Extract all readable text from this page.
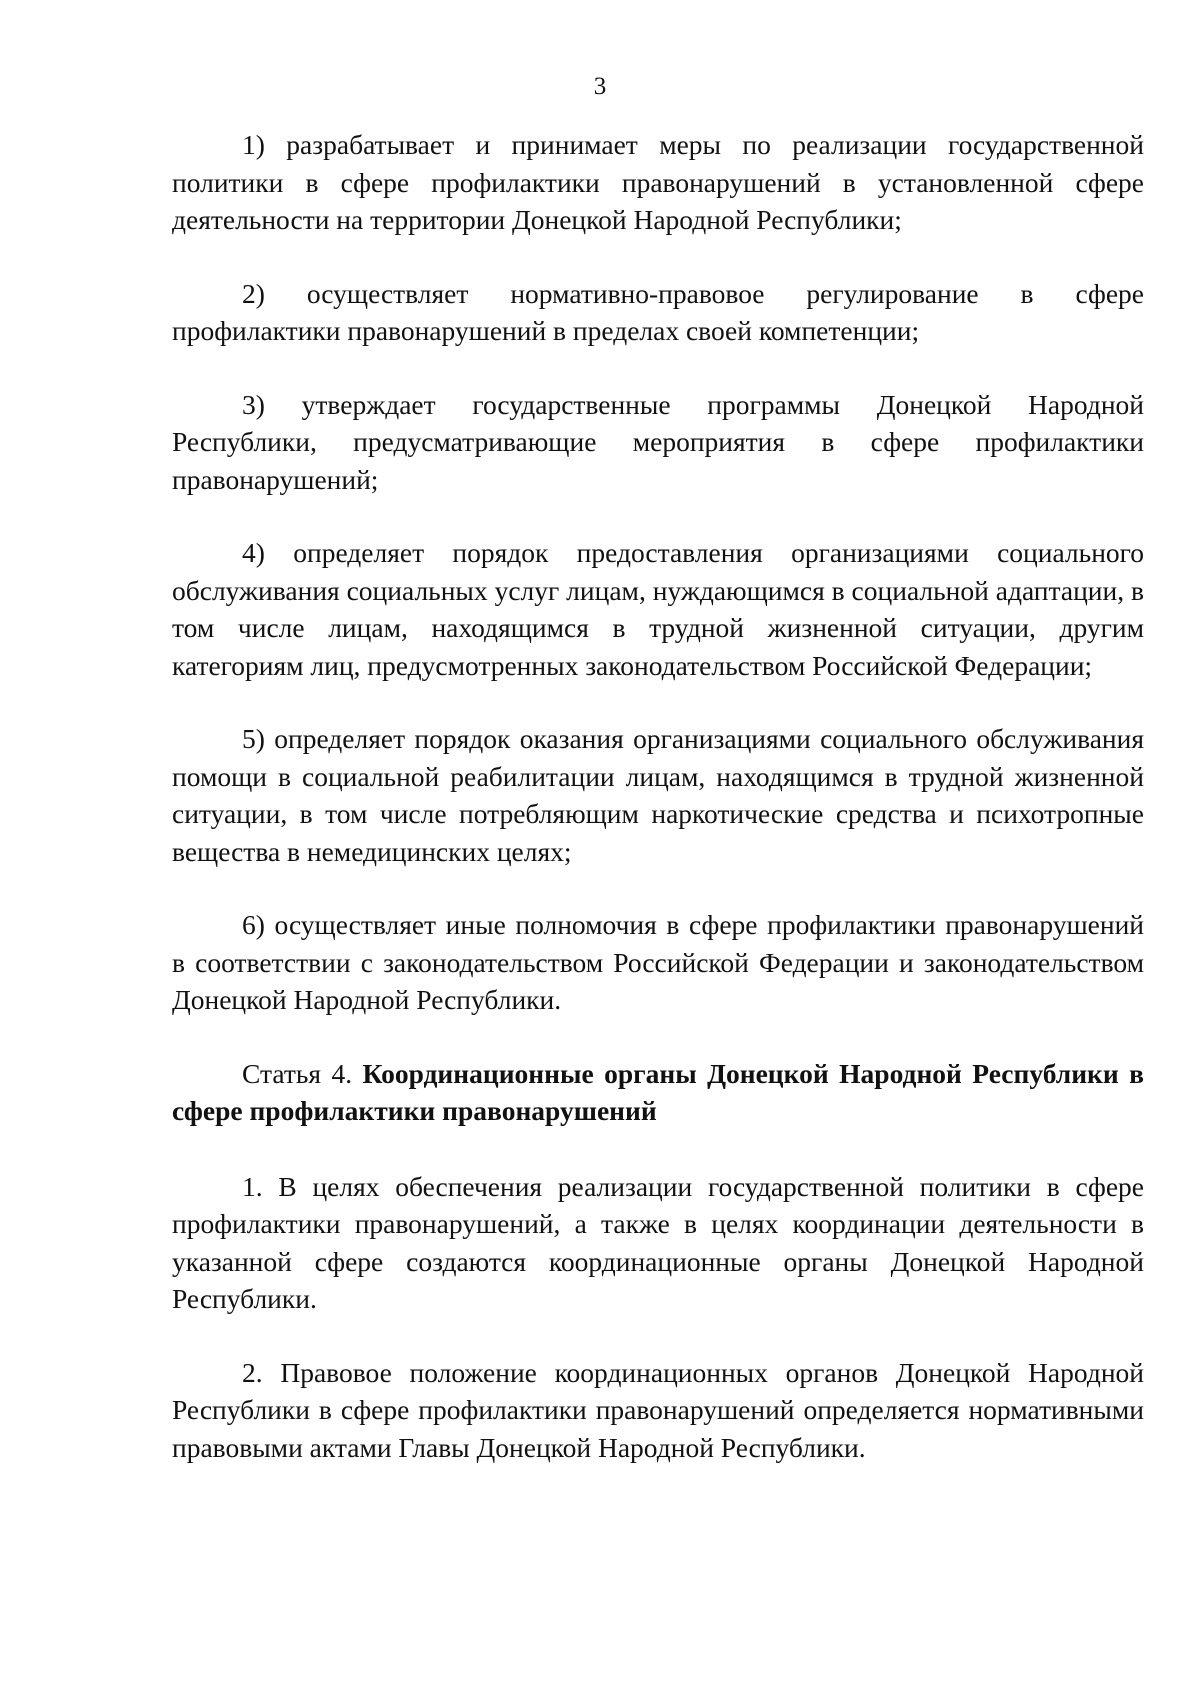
3

1) разрабатывает и принимает меры по реализации государственной политики в сфере профилактики правонарушений в установленной сфере деятельности на территории Донецкой Народной Республики;

2) осуществляет нормативно-правовое регулирование в сфере профилактики правонарушений в пределах своей компетенции;

3) утверждает государственные программы Донецкой Народной Республики, предусматривающие мероприятия в сфере профилактики правонарушений;

4) определяет порядок предоставления организациями социального обслуживания социальных услуг лицам, нуждающимся в социальной адаптации, в том числе лицам, находящимся в трудной жизненной ситуации, другим категориям лиц, предусмотренных законодательством Российской Федерации;

5) определяет порядок оказания организациями социального обслуживания помощи в социальной реабилитации лицам, находящимся в трудной жизненной ситуации, в том числе потребляющим наркотические средства и психотропные вещества в немедицинских целях;

6) осуществляет иные полномочия в сфере профилактики правонарушений в соответствии с законодательством Российской Федерации и законодательством Донецкой Народной Республики.

Статья 4. Координационные органы Донецкой Народной Республики в сфере профилактики правонарушений

1. В целях обеспечения реализации государственной политики в сфере профилактики правонарушений, а также в целях координации деятельности в указанной сфере создаются координационные органы Донецкой Народной Республики.

2. Правовое положение координационных органов Донецкой Народной Республики в сфере профилактики правонарушений определяется нормативными правовыми актами Главы Донецкой Народной Республики.
